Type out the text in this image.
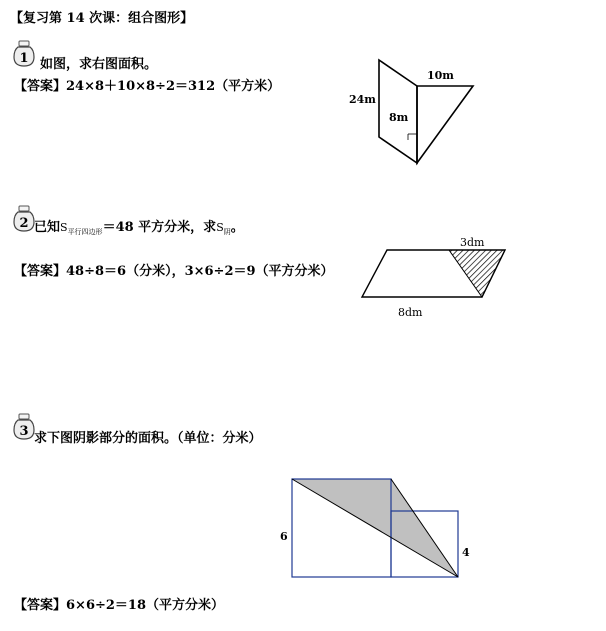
【复习第 14 次课：组合图形】
1 如图，求右图面积。
【答案】24×8＋10×8÷2＝312（平方米）
24m
8m
10m
2 已知$S_{平行四边形}=48$ 平方分米，求$S_阴$。
【答案】48÷8＝6（分米），3×6÷2＝9（平方分米）
3dm
8dm
3 求下图阴影部分的面积。（单位：分米）
6
4
【答案】6×6÷2＝18（平方分米）
